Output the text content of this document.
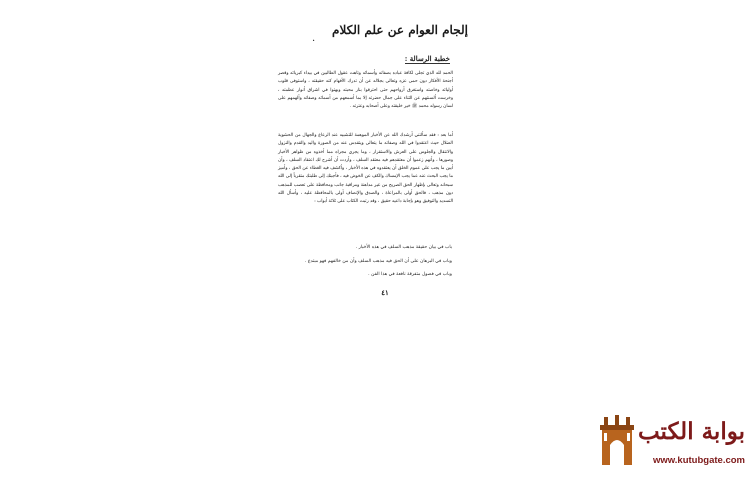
إلجام العوام عن علم الكلام
.
خطبة الرسالة :
الحمد لله الذي تجلى لكافة عباده بصفاته وأسمائه وتاهت عقول الطالبين في بيداء كبريائه وقصر أجنحة الأفكار دون حمى عزه وتعالى بجلاله عن أن تدرك الأفهام كنه حقيقته ، واستوفى قلوب أوليائه وخاصته واستغرق أرواحهم حتى احترقوا بنار محبته وبهتوا في اشراق أنوار عظمته ، وخرست ألسنتهم عن الثناء على جمال حضرته إلا بما أسمعهم من أسمائه وصفاته وألهمهم على لسان رسوله محمد ﷺ خير خليقته وعلى أصحابه وعترته .
أما بعد : فقد سألتني أرشدك الله عن الأخبار الموهمة للتشبيه عند الرعاع والجهال من الحشوية الضلال حيث اعتقدوا في الله وصفاته ما يتعالى ويتقدس عنه من الصورة واليد والقدم والنزول والانتقال والجلوس على العرش والاستقرار ، وما يجري مجراه مما أخذوه من ظواهر الأخبار وصورها ، وأنهم زعموا أن معتقدهم فيه معتقد السلف ، وأردت أن أشرح لك اعتقاد السلف ، وأن أبين ما يجب على عموم الخلق أن يعتقدوه في هذه الأخبار ، وأكشف فيه الغطاء عن الحق ، وأميز ما يجب البحث عنه عما يجب الإمساك والكف عن الخوض فيه ، فأجبتك إلى طلبتك متقرباً إلى الله سبحانه وتعالى بإظهار الحق الصريح من غير مداهنة ومراقبة جانب ومحافظة على تعصب للمذهب دون مذهب ، فالحق أولى بالمراعاة ، والصدق والإنصاف أولى بالمحافظة عليه ، وأسأل الله التسديد والتوفيق وهو بإجابة داعيه حقيق ، وقد رتبت الكتاب على ثلاثة أبواب :
باب في بيان حقيقة مذهب السلف في هذه الأخبار .
وباب في البرهان على أن الحق فيه مذهب السلف وأن من خالفهم فهو مبتدع .
وباب في فصول متفرقة نافعة في هذا الفن .
٤١
بوابة الكتب
www.kutubgate.com
